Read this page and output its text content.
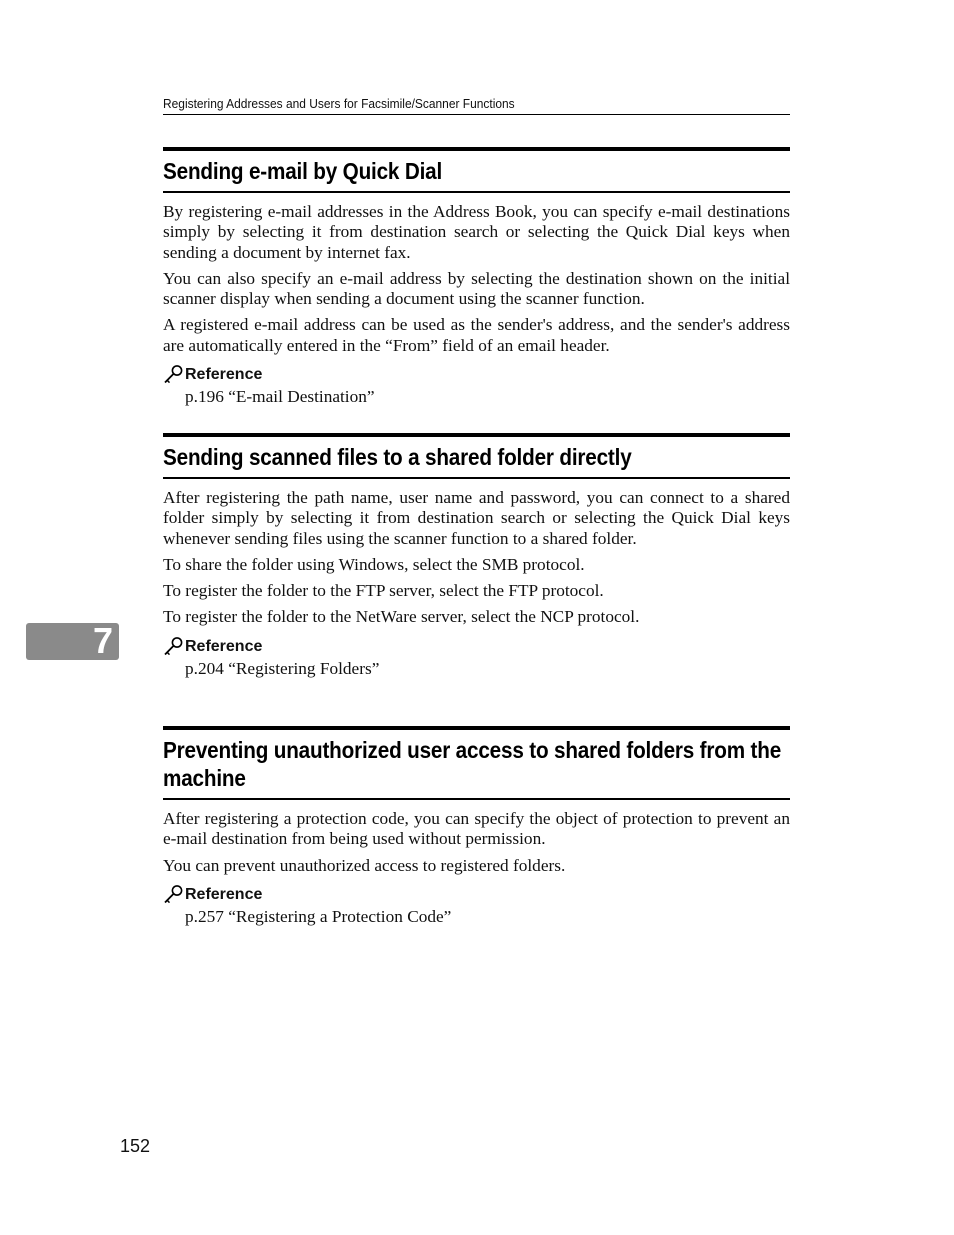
Registering Addresses and Users for Facsimile/Scanner Functions
Sending e-mail by Quick Dial

By registering e-mail addresses in the Address Book, you can specify e-mail destinations simply by selecting it from destination search or selecting the Quick Dial keys when sending a document by internet fax.

You can also specify an e-mail address by selecting the destination shown on the initial scanner display when sending a document using the scanner function.

A registered e-mail address can be used as the sender's address, and the sender's address are automatically entered in the “From” field of an email header.

Reference
p.196 “E-mail Destination”
Sending scanned files to a shared folder directly

After registering the path name, user name and password, you can connect to a shared folder simply by selecting it from destination search or selecting the Quick Dial keys whenever sending files using the scanner function to a shared folder.

To share the folder using Windows, select the SMB protocol.

To register the folder to the FTP server, select the FTP protocol.

To register the folder to the NetWare server, select the NCP protocol.

Reference
p.204 “Registering Folders”
Preventing unauthorized user access to shared folders from the machine

After registering a protection code, you can specify the object of protection to prevent an e-mail destination from being used without permission.

You can prevent unauthorized access to registered folders.

Reference
p.257 “Registering a Protection Code”
7
152
